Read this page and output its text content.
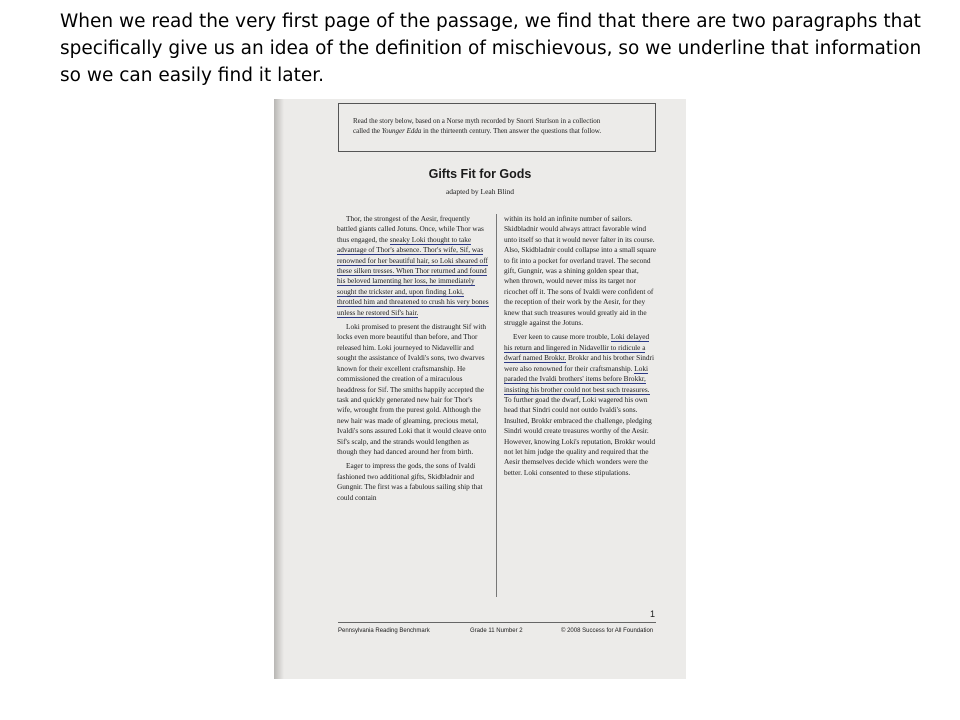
When we read the very first page of the passage, we find that there are two paragraphs that specifically give us an idea of the definition of mischievous, so we underline that information so we can easily find it later.
Read the story below, based on a Norse myth recorded by Snorri Sturlson in a collection
called the Younger Edda in the thirteenth century. Then answer the questions that follow.
Gifts Fit for Gods
adapted by Leah Blind

Thor, the strongest of the Aesir, frequently battled giants called Jotuns. Once, while Thor was thus engaged, the sneaky Loki thought to take advantage of Thor's absence. Thor's wife, Sif, was renowned for her beautiful hair, so Loki sheared off these silken tresses. When Thor returned and found his beloved lamenting her loss, he immediately sought the trickster and, upon finding Loki, throttled him and threatened to crush his very bones unless he restored Sif's hair.

Loki promised to present the distraught Sif with locks even more beautiful than before, and Thor released him. Loki journeyed to Nidavellir and sought the assistance of Ivaldi's sons, two dwarves known for their excellent craftsmanship. He commissioned the creation of a miraculous headdress for Sif. The smiths happily accepted the task and quickly generated new hair for Thor's wife, wrought from the purest gold. Although the new hair was made of gleaming, precious metal, Ivaldi's sons assured Loki that it would cleave onto Sif's scalp, and the strands would lengthen as though they had danced around her from birth.

Eager to impress the gods, the sons of Ivaldi fashioned two additional gifts, Skidbladnir and Gungnir. The first was a fabulous sailing ship that could contain

within its hold an infinite number of sailors. Skidbladnir would always attract favorable wind unto itself so that it would never falter in its course. Also, Skidbladnir could collapse into a small square to fit into a pocket for overland travel. The second gift, Gungnir, was a shining golden spear that, when thrown, would never miss its target nor ricochet off it. The sons of Ivaldi were confident of the reception of their work by the Aesir, for they knew that such treasures would greatly aid in the struggle against the Jotuns.

Ever keen to cause more trouble, Loki delayed his return and lingered in Nidavellir to ridicule a dwarf named Brokkr. Brokkr and his brother Sindri were also renowned for their craftsmanship. Loki paraded the Ivaldi brothers' items before Brokkr, insisting his brother could not best such treasures. To further goad the dwarf, Loki wagered his own head that Sindri could not outdo Ivaldi's sons. Insulted, Brokkr embraced the challenge, pledging Sindri would create treasures worthy of the Aesir. However, knowing Loki's reputation, Brokkr would not let him judge the quality and required that the Aesir themselves decide which wonders were the better. Loki consented to these stipulations.

1
Pennsylvania Reading Benchmark	Grade 11 Number 2	© 2008 Success for All Foundation
